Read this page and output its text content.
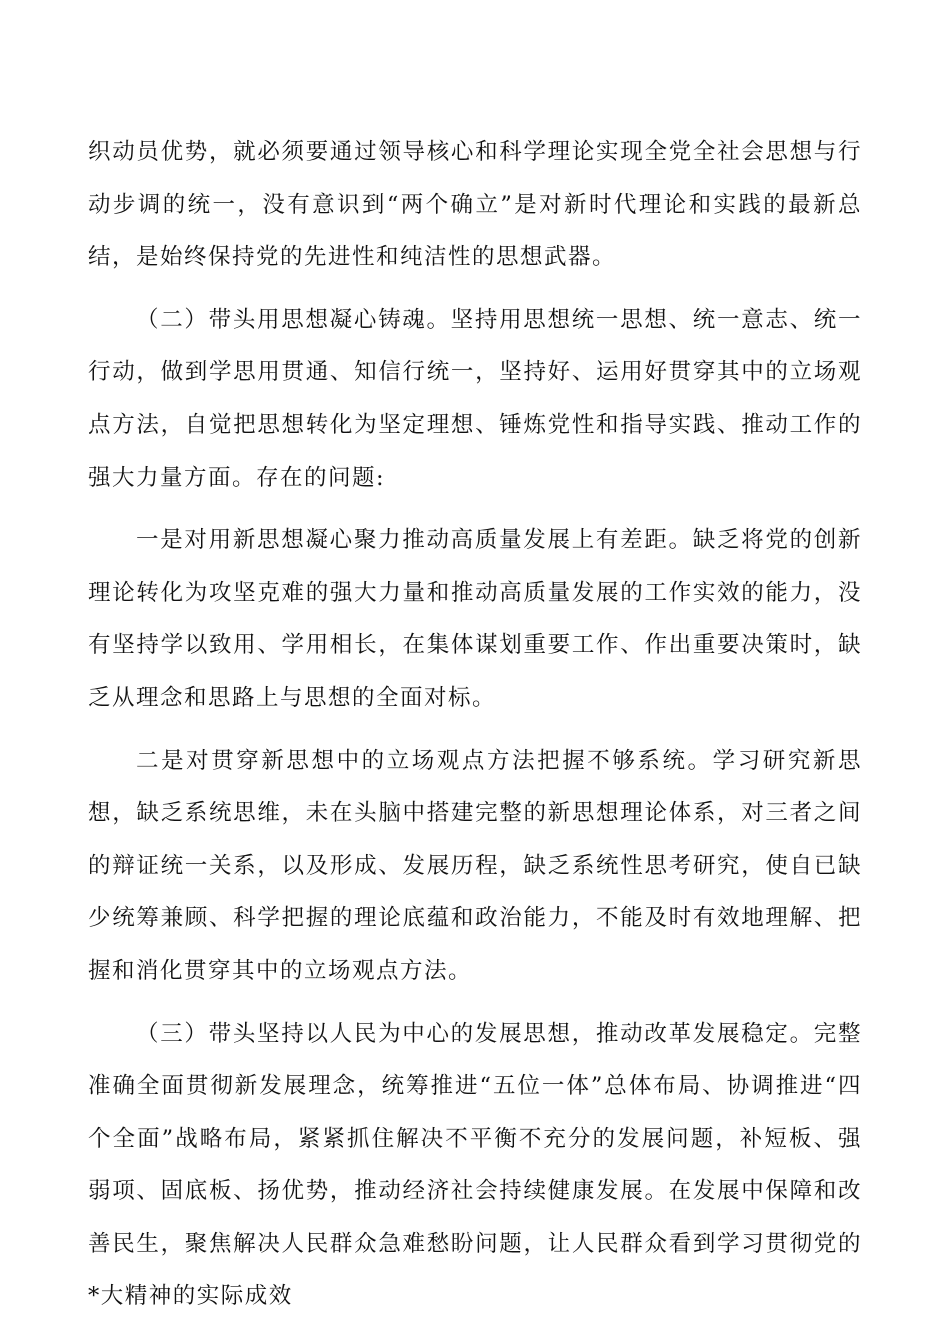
织动员优势，就必须要通过领导核心和科学理论实现全党全社会思想与行动步调的统一，没有意识到“两个确立”是对新时代理论和实践的最新总结，是始终保持党的先进性和纯洁性的思想武器。

（二）带头用思想凝心铸魂。坚持用思想统一思想、统一意志、统一行动，做到学思用贯通、知信行统一，坚持好、运用好贯穿其中的立场观点方法，自觉把思想转化为坚定理想、锤炼党性和指导实践、推动工作的强大力量方面。存在的问题:

一是对用新思想凝心聚力推动高质量发展上有差距。缺乏将党的创新理论转化为攻坚克难的强大力量和推动高质量发展的工作实效的能力，没有坚持学以致用、学用相长，在集体谋划重要工作、作出重要决策时，缺乏从理念和思路上与思想的全面对标。

二是对贯穿新思想中的立场观点方法把握不够系统。学习研究新思想，缺乏系统思维，未在头脑中搭建完整的新思想理论体系，对三者之间的辩证统一关系，以及形成、发展历程，缺乏系统性思考研究，使自已缺少统筹兼顾、科学把握的理论底蕴和政治能力，不能及时有效地理解、把握和消化贯穿其中的立场观点方法。

（三）带头坚持以人民为中心的发展思想，推动改革发展稳定。完整准确全面贯彻新发展理念，统筹推进“五位一体”总体布局、协调推进“四个全面”战略布局，紧紧抓住解决不平衡不充分的发展问题，补短板、强弱项、固底板、扬优势，推动经济社会持续健康发展。在发展中保障和改善民生，聚焦解决人民群众急难愁盼问题，让人民群众看到学习贯彻党的*大精神的实际成效
